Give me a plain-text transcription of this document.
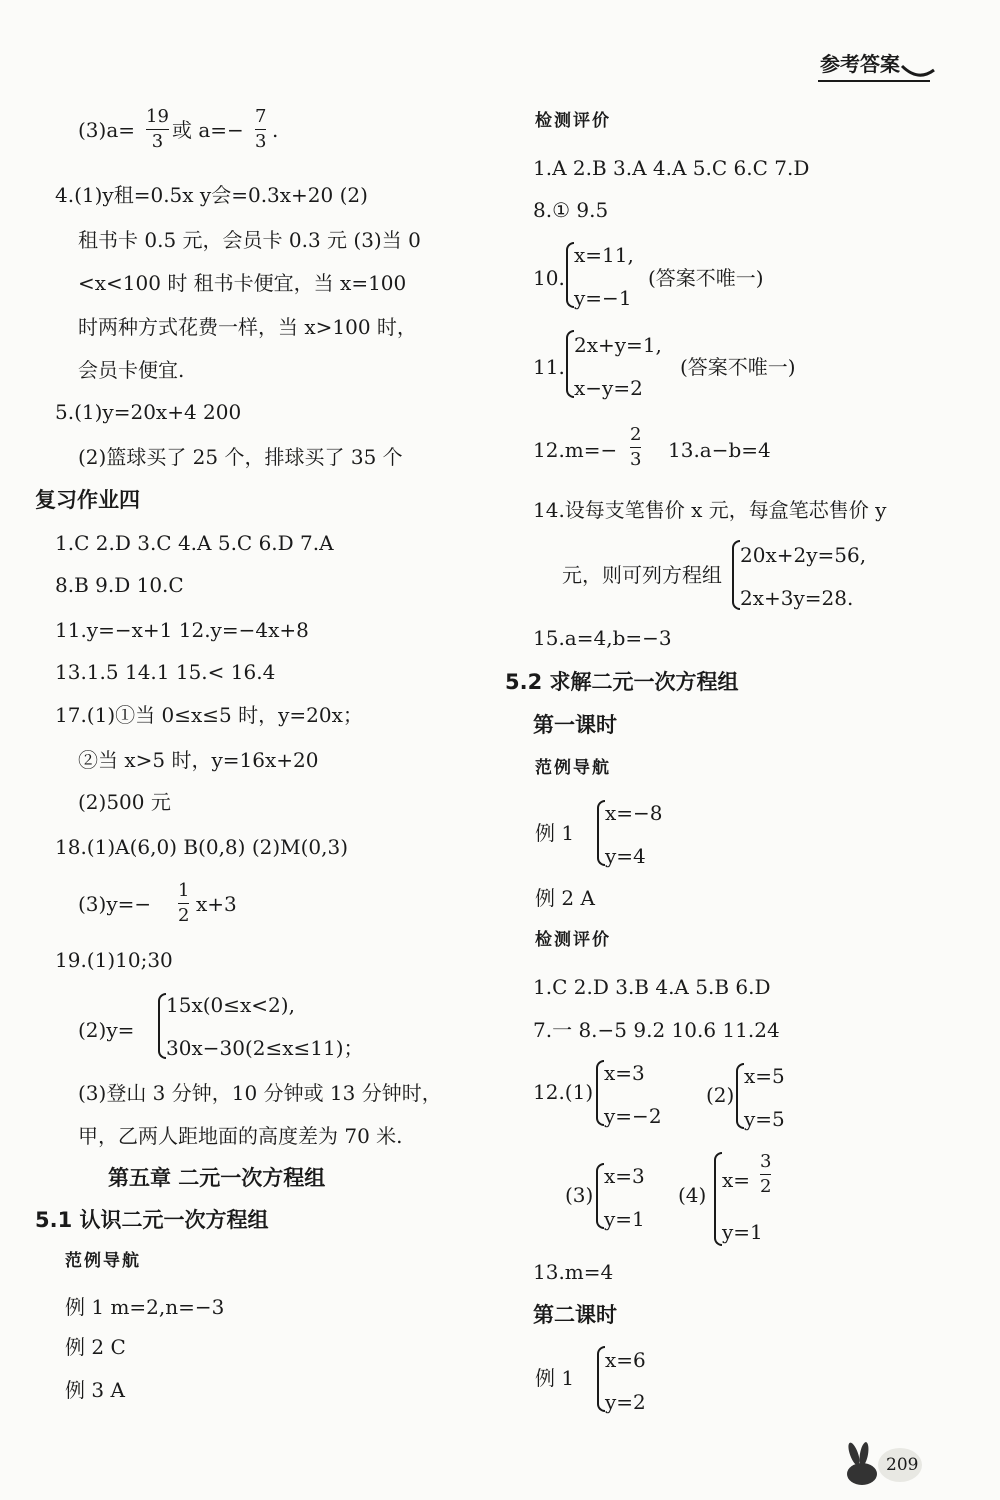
参考答案
(3)a=
19
3 或 a=−
7
3 .
4.(1)y租=0.5x y会=0.3x+20 (2)
租书卡 0.5 元，会员卡 0.3 元 (3)当 0
<x<100 时 租书卡便宜，当 x=100
时两种方式花费一样，当 x>100 时，
会员卡便宜.
5.(1)y=20x+4 200
(2)篮球买了 25 个，排球买了 35 个
复习作业四
1.C 2.D 3.C 4.A 5.C 6.D 7.A
8.B 9.D 10.C
11.y=−x+1 12.y=−4x+8
13.1.5 14.1 15.< 16.4
17.(1)①当 0≤x≤5 时，y=20x；
②当 x>5 时，y=16x+20
(2)500 元
18.(1)A(6,0) B(0,8) (2)M(0,3)
(3)y=−
1
2 x+3
19.(1)10;30
(2)y=
15x(0≤x<2),
30x−30(2≤x≤11)；
(3)登山 3 分钟，10 分钟或 13 分钟时，
甲，乙两人距地面的高度差为 70 米.
第五章 二元一次方程组
5.1 认识二元一次方程组
范例导航
例 1 m=2,n=−3
例 2 C
例 3 A
检测评价
1.A 2.B 3.A 4.A 5.C 6.C 7.D
8.① 9.5
10.
x=11,
y=−1
(答案不唯一)
11.
2x+y=1,
x−y=2
(答案不唯一)
12.m=−
2
3 13.a−b=4
14.设每支笔售价 x 元，每盒笔芯售价 y
元，则可列方程组
20x+2y=56,
2x+3y=28.
15.a=4,b=−3
5.2 求解二元一次方程组
第一课时
范例导航
例 1
x=−8
y=4
例 2 A
检测评价
1.C 2.D 3.B 4.A 5.B 6.D
7.一 8.−5 9.2 10.6 11.24
12.(1)
x=3
y=−2
(2)
x=5
y=5
(3)
x=3
y=1
(4)
x=
3
2
y=1
13.m=4
第二课时
例 1
x=6
y=2
209
